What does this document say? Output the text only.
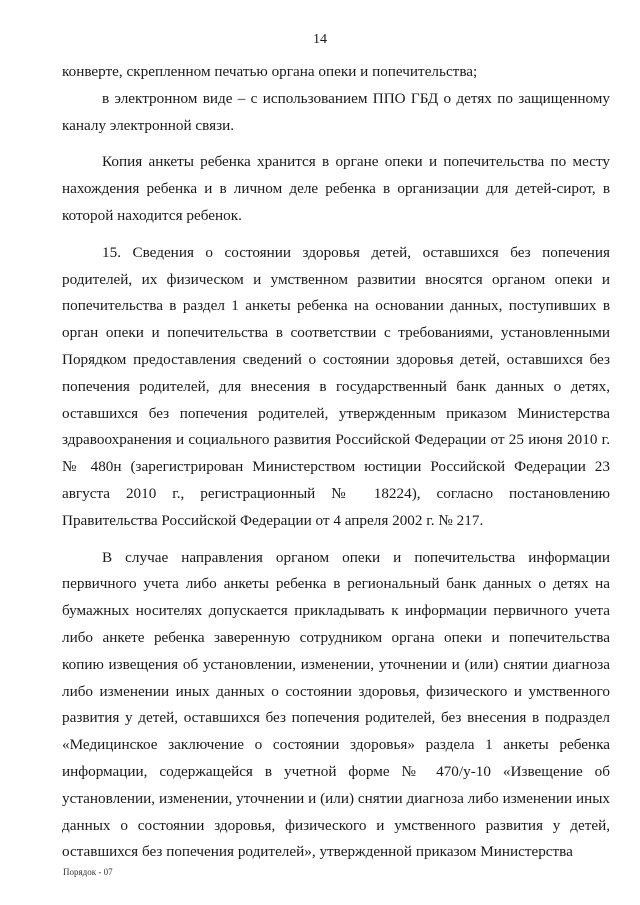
14

конверте, скрепленном печатью органа опеки и попечительства;

в электронном виде – с использованием ППО ГБД о детях по защищенному каналу электронной связи.

Копия анкеты ребенка хранится в органе опеки и попечительства по месту нахождения ребенка и в личном деле ребенка в организации для детей-сирот, в которой находится ребенок.

15. Сведения о состоянии здоровья детей, оставшихся без попечения родителей, их физическом и умственном развитии вносятся органом опеки и попечительства в раздел 1 анкеты ребенка на основании данных, поступивших в орган опеки и попечительства в соответствии с требованиями, установленными Порядком предоставления сведений о состоянии здоровья детей, оставшихся без попечения родителей, для внесения в государственный банк данных о детях, оставшихся без попечения родителей, утвержденным приказом Министерства здравоохранения и социального развития Российской Федерации от 25 июня 2010 г. № 480н (зарегистрирован Министерством юстиции Российской Федерации 23 августа 2010 г., регистрационный № 18224), согласно постановлению Правительства Российской Федерации от 4 апреля 2002 г. № 217.

В случае направления органом опеки и попечительства информации первичного учета либо анкеты ребенка в региональный банк данных о детях на бумажных носителях допускается прикладывать к информации первичного учета либо анкете ребенка заверенную сотрудником органа опеки и попечительства копию извещения об установлении, изменении, уточнении и (или) снятии диагноза либо изменении иных данных о состоянии здоровья, физического и умственного развития у детей, оставшихся без попечения родителей, без внесения в подраздел «Медицинское заключение о состоянии здоровья» раздела 1 анкеты ребенка информации, содержащейся в учетной форме № 470/у-10 «Извещение об установлении, изменении, уточнении и (или) снятии диагноза либо изменении иных данных о состоянии здоровья, физического и умственного развития у детей, оставшихся без попечения родителей», утвержденной приказом Министерства

Порядок - 07
